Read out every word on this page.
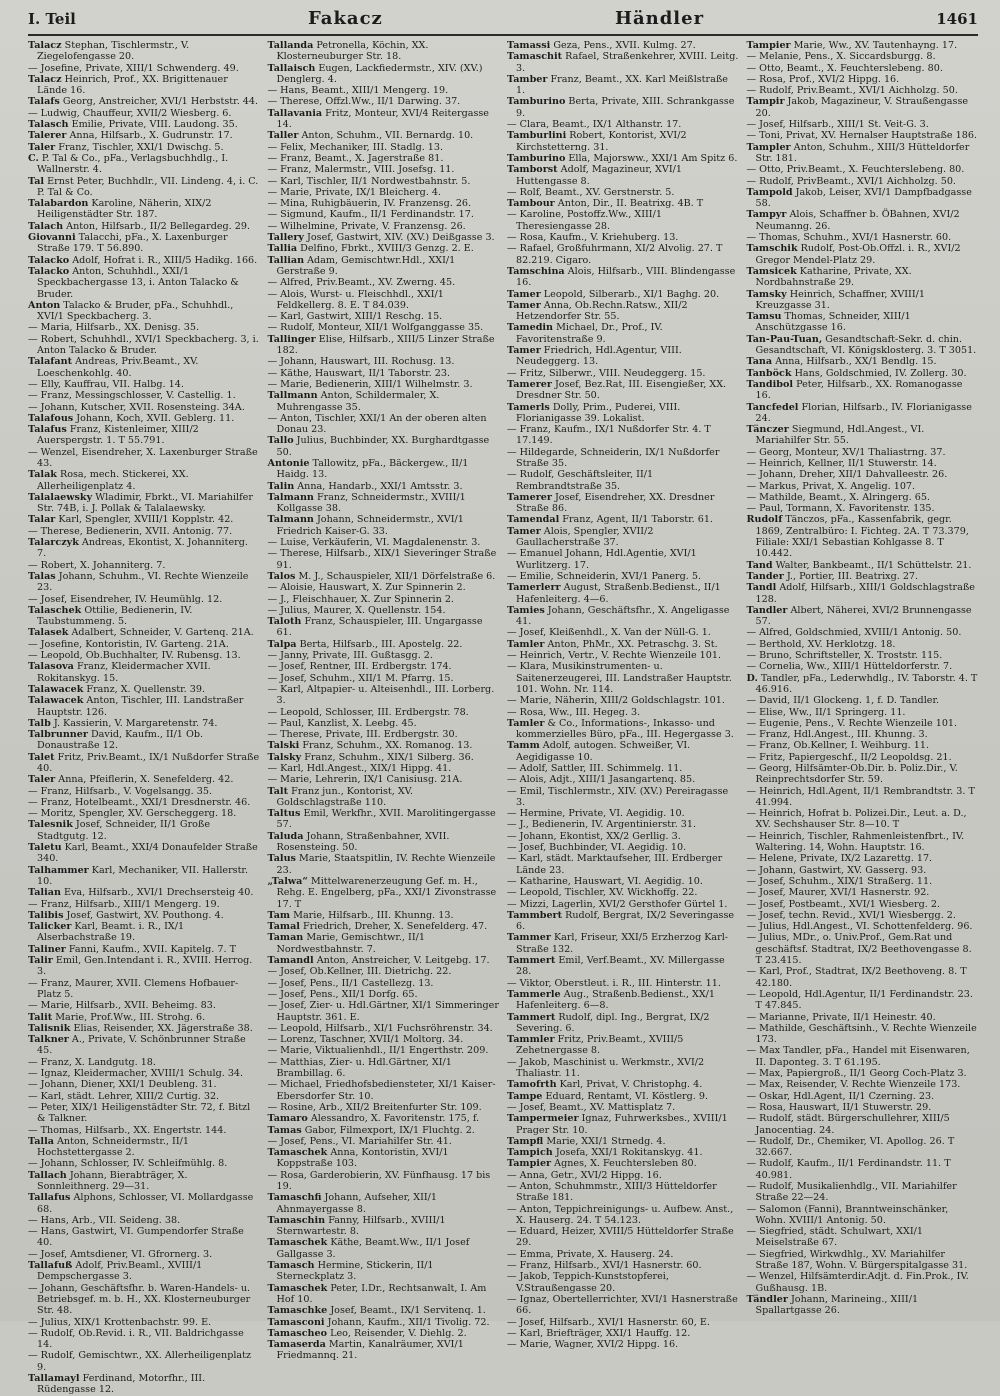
I. Teil	Fakacz	Händler	1461

Talacz Stephan, Tischlermstr., V. Ziegelofengasse 20.

— Josefine, Private, XIII/1 Schwenderg. 49.

Talacz Heinrich, Prof., XX. Brigittenauer Lände 16.

Talafs Georg, Anstreicher, XVI/1 Herbststr. 44.

— Ludwig, Chauffeur, XVII/2 Wiesberg. 6.

Talasch Emilie, Private, VIII. Laudong. 35.

Talerer Anna, Hilfsarb., X. Gudrunstr. 17.

Taler Franz, Tischler, XXI/1 Dwischg. 5.

C. P. Tal & Co., pFa., Verlagsbuchhdlg., I. Wallnerstr. 4.

Tal Ernst Peter, Buchhdlr., VII. Lindeng. 4, i. C. P. Tal & Co.

Talabardon Karoline, Näherin, XIX/2 Heiligenstädter Str. 187.

Talach Anton, Hilfsarb., II/2 Bellegardeg. 29.

Giovanni Talacchi, pFa., X. Laxenburger Straße 179. T 56.890.

Talacko Adolf, Hofrat i. R., XIII/5 Hadikg. 166.

Talacko Anton, Schuhhdl., XXI/1 Speckbachergasse 13, i. Anton Talacko & Bruder.

Anton Talacko & Bruder, pFa., Schuhhdl., XVI/1 Speckbacherg. 3.

— Maria, Hilfsarb., XX. Denisg. 35.

— Robert, Schuhhdl., XVI/1 Speckbacherg. 3, i. Anton Talacko & Bruder.

Talafant Andreas, Priv.Beamt., XV. Loeschenkohlg. 40.

— Elly, Kauffrau, VII. Halbg. 14.

— Franz, Messingschlosser, V. Castellig. 1.

— Johann, Kutscher, XVII. Rosensteing. 34A.

Talafous Johann, Koch, XVII. Geblerg. 11.

Talafus Franz, Kistenleimer, XIII/2 Auerspergstr. 1. T 55.791.

— Wenzel, Eisendreher, X. Laxenburger Straße 43.

Talak Rosa, mech. Stickerei, XX. Allerheiligenplatz 4.

Talalaewsky Wladimir, Fbrkt., VI. Mariahilfer Str. 74B, i. J. Pollak & Talalaewsky.

Talar Karl, Spengler, XVIII/1 Kopplstr. 42.

— Therese, Bedienerin, XVII. Antonig. 77.

Talarczyk Andreas, Ekontist, X. Johanniterg. 7.

— Robert, X. Johanniterg. 7.

Talas Johann, Schuhm., VI. Rechte Wienzeile 23.

— Josef, Eisendreher, IV. Heumühlg. 12.

Talaschek Ottilie, Bedienerin, IV. Taubstummeng. 5.

Talasek Adalbert, Schneider, V. Gartenq. 21A.

— Josefine, Kontoristin, IV. Garteng. 21A.

— Leopold, Ob.Buchhalter, IV. Rubensg. 13.

Talasova Franz, Kleidermacher XVII. Rokitanskyg. 15.

Talawacek Franz, X. Quellenstr. 39.

Talawacek Anton, Tischler, III. Landstraßer Hauptstr. 126.

Talb J. Kassierin, V. Margaretenstr. 74.

Talbrunner David, Kaufm., II/1 Ob. Donaustraße 12.

Talet Fritz, Priv.Beamt., IX/1 Nußdorfer Straße 40.

Taler Anna, Pfeiflerin, X. Senefelderg. 42.

— Franz, Hilfsarb., V. Vogelsangg. 35.

— Franz, Hotelbeamt., XXI/1 Dresdnerstr. 46.

— Moritz, Spengler, XV. Gerscheggerg. 18.

Talesnik Josef, Schneider, II/1 Große Stadtgutg. 12.

Taletu Karl, Beamt., XXI/4 Donaufelder Straße 340.

Talhammer Karl, Mechaniker, VII. Hallerstr. 10.

Talian Eva, Hilfsarb., XVI/1 Drechsersteig 40.

— Franz, Hilfsarb., XIII/1 Mengerg. 19.

Talibis Josef, Gastwirt, XV. Pouthong. 4.

Talicker Karl, Beamt. i. R., IX/1 Alserbachstraße 19.

Taliner Fanni, Kaufm., XVII. Kapitelg. 7. T

Talir Emil, Gen.Intendant i. R., XVIII. Herrog. 3.

— Franz, Maurer, XVII. Clemens Hofbauer-Platz 5.

— Marie, Hilfsarb., XVII. Beheimg. 83.

Talit Marie, Prof.Ww., III. Strohg. 6.

Talisnik Elias, Reisender, XX. Jägerstraße 38.

Talkner A., Private, V. Schönbrunner Straße 45.

— Franz, X. Landgutg. 18.

— Ignaz, Kleidermacher, XVIII/1 Schulg. 34.

— Johann, Diener, XXI/1 Deubleng. 31.

— Karl, städt. Lehrer, XIII/2 Curtig. 32.

— Peter, XIX/1 Heiligenstädter Str. 72, f. Bitzl & Talkner.

— Thomas, Hilfsarb., XX. Engertstr. 144.

Talla Anton, Schneidermstr., II/1 Hochstettergasse 2.

— Johann, Schlosser, IV. Schleifmühlg. 8.

Tallach Johann, Bierabträger, X. Sonnleithnerg. 29—31.

Tallafus Alphons, Schlosser, VI. Mollardgasse 68.

— Hans, Arb., VII. Seideng. 38.

— Hans, Gastwirt, VI. Gumpendorfer Straße 40.

— Josef, Amtsdiener, VI. Gfrornerg. 3.

Tallafuß Adolf, Priv.Beaml., XVIII/1 Dempschergasse 3.

— Johann, Geschäftsfhr. b. Waren-Handels- u. Betriebsgef. m. b. H., XX. Klosterneuburger Str. 48.

— Julius, XIX/1 Krottenbachstr. 99. E.

— Rudolf, Ob.Revid. i. R., VII. Baldrichgasse 14.

— Rudolf, Gemischtwr., XX. Allerheiligenplatz 9.

Tallamayl Ferdinand, Motorfhr., III. Rüdengasse 12.

Tallanda Petronella, Köchin, XX. Klosterneuburger Str. 18.

Tallaisch Eugen, Lackfiedermstr., XIV. (XV.) Denglerg. 4.

— Hans, Beamt., XIII/1 Mengerg. 19.

— Therese, Offzl.Ww., II/1 Darwing. 37.

Tallavania Fritz, Monteur, XVI/4 Reitergasse 14.

Taller Anton, Schuhm., VII. Bernardg. 10.

— Felix, Mechaniker, III. Stadlg. 13.

— Franz, Beamt., X. Jagerstraße 81.

— Franz, Malermstr., VIII. Josefsg. 11.

— Karl, Tischler, II/1 Nordwestbahnstr. 5.

— Marie, Private, IX/1 Bleicherg. 4.

— Mina, Ruhigbäuerin, IV. Franzensg. 26.

— Sigmund, Kaufm., II/1 Ferdinandstr. 17.

— Wilhelmine, Private, V. Franzensg. 26.

Tallery Josef, Gastwirt, XIV. (XV.) Deißgasse 3.

Tallia Delfino, Fbrkt., XVIII/3 Genzg. 2. E.

Tallian Adam, Gemischtwr.Hdl., XXI/1 Gerstraße 9.

— Alfred, Priv.Beamt., XV. Zwerng. 45.

— Alois, Wurst- u. Fleischhdl., XXI/1 Feldkellerg. 8. E. T 84.039.

— Karl, Gastwirt, XIII/1 Reschg. 15.

— Rudolf, Monteur, XII/1 Wolfganggasse 35.

Tallinger Elise, Hilfsarb., XIII/5 Linzer Straße 182.

— Johann, Hauswart, III. Rochusg. 13.

— Käthe, Hauswart, II/1 Taborstr. 23.

— Marie, Bedienerin, XIII/1 Wilhelmstr. 3.

Tallmann Anton, Schildermaler, X. Muhrengasse 35.

— Anton, Tischler, XXI/1 An der oberen alten Donau 23.

Tallo Julius, Buchbinder, XX. Burghardtgasse 50.

Antonie Tallowitz, pFa., Bäckergew., II/1 Haidg. 13.

Talin Anna, Handarb., XXI/1 Amtsstr. 3.

Talmann Franz, Schneidermstr., XVIII/1 Kollgasse 38.

Talmann Johann, Schneidermstr., XVI/1 Friedrich Kaiser-G. 33.

— Luise, Verkäuferin, VI. Magdalenenstr. 3.

— Therese, Hilfsarb., XIX/1 Sieveringer Straße 91.

Talos M. J., Schauspieler, XII/1 Dörfelstraße 6.

— Aloisie, Hauswart, X. Zur Spinnerin 2.

— J., Fleischhauer, X. Zur Spinnerin 2.

— Julius, Maurer, X. Quellenstr. 154.

Taloth Franz, Schauspieler, III. Ungargasse 61.

Talpa Berta, Hilfsarb., III. Apostelg. 22.

— Janny, Private, III. Gußtasgg. 2.

— Josef, Rentner, III. Erdbergstr. 174.

— Josef, Schuhm., XII/1 M. Pfarrg. 15.

— Karl, Altpapier- u. Alteisenhdl., III. Lorberg. 3.

— Leopold, Schlosser, III. Erdbergstr. 78.

— Paul, Kanzlist, X. Leebg. 45.

— Therese, Private, III. Erdbergstr. 30.

Talski Franz, Schuhm., XX. Romanog. 13.

Talsky Franz, Schuhm., XIX/1 Silberg. 36.

— Karl, Hdl.Angest., XIX/1 Hippg. 41.

— Marie, Lehrerin, IX/1 Canisiusg. 21A.

Talt Franz jun., Kontorist, XV. Goldschlagstraße 110.

Taltus Emil, Werkfhr., XVII. Marolitingergasse 57.

Taluda Johann, Straßenbahner, XVII. Rosensteing. 50.

Talus Marie, Staatspitlin, IV. Rechte Wienzeile 23.

„Talwa“ Mittelwarenerzeugung Gef. m. H., Rehg. E. Engelberg, pFa., XXI/1 Zivonstrasse 17. T

Tam Marie, Hilfsarb., III. Khunng. 13.

Tamal Friedrich, Dreher, X. Senefelderg. 47.

Taman Marie, Gemischtwr., II/1 Nordwestbahnstr. 7.

Tamandl Anton, Anstreicher, V. Leitgebg. 17.

— Josef, Ob.Kellner, III. Dietrichg. 22.

— Josef, Pens., II/1 Castellezg. 13.

— Josef, Pens., XII/1 Dorfg. 65.

— Josef, Zier- u. Hdl.Gärtner, XI/1 Simmeringer Hauptstr. 361. E.

— Leopold, Hilfsarb., XI/1 Fuchsröhrenstr. 34.

— Lorenz, Taschner, XVII/1 Moltorg. 34.

— Marie, Viktualienhdl., II/1 Engerthstr. 209.

— Matthias, Zier- u. Hdl.Gärtner, XI/1 Brambillag. 6.

— Michael, Friedhofsbediensteter, XI/1 Kaiser-Ebersdorfer Str. 10.

— Rosine, Arb., XII/2 Breitenfurter Str. 109.

Tamaro Alessandro, X. Favoritenstr. 175, f.

Tamas Gabor, Filmexport, IX/1 Fluchtg. 2.

— Josef, Pens., VI. Mariahilfer Str. 41.

Tamaschek Anna, Kontoristin, XVI/1 Koppstraße 103.

— Rosa, Garderobierin, XV. Fünfhausg. 17 bis 19.

Tamaschfi Johann, Aufseher, XII/1 Ahnmayergasse 8.

Tamaschin Fanny, Hilfsarb., XVIII/1 Sternwartestr. 8.

Tamaschek Käthe, Beamt.Ww., II/1 Josef Gallgasse 3.

Tamasch Hermine, Stickerin, II/1 Sterneckplatz 3.

Tamaschek Peter, I.Dr., Rechtsanwalt, I. Am Hof 10.

Tamaschke Josef, Beamt., IX/1 Servitenq. 1.

Tamasconi Johann, Kaufm., XII/1 Tivolig. 72.

Tamascheo Leo, Reisender, V. Diehlg. 2.

Tamaserda Martin, Kanalräumer, XVI/1 Friedmannq. 21.

Tamassi Geza, Pens., XVII. Kulmg. 27.

Tamaschit Rafael, Straßenkehrer, XVIII. Leitg. 3.

Tamber Franz, Beamt., XX. Karl Meißlstraße 1.

Tamburino Berta, Private, XIII. Schrankgasse 9.

— Clara, Beamt., IX/1 Althanstr. 17.

Tamburlini Robert, Kontorist, XVI/2 Kirchstetterng. 31.

Tamburino Ella, Majorsww., XXI/1 Am Spitz 6.

Tamborst Adolf, Magazineur, XVI/1 Huttengasse 8.

— Rolf, Beamt., XV. Gerstnerstr. 5.

Tambour Anton, Dir., II. Beatrixg. 4B. T

— Karoline, Postoffz.Ww., XIII/1 Theresiengasse 28.

— Rosa, Kaufm., V. Kriehuberg. 13.

— Rafael, Großfuhrmann, XI/2 Alvolig. 27. T 82.219. Cigaro.

Tamschina Alois, Hilfsarb., VIII. Blindengasse 16.

Tamer Leopold, Silberarb., XI/1 Baghg. 20.

Tamer Anna, Ob.Rechn.Ratsw., XII/2 Hetzendorfer Str. 55.

Tamedin Michael, Dr., Prof., IV. Favoritenstraße 9.

Tamer Friedrich, Hdl.Agentur, VIII. Neudeggerg. 13.

— Fritz, Silberwr., VIII. Neudeggerg. 15.

Tamerer Josef, Bez.Rat, III. Eisengießer, XX. Dresdner Str. 50.

Tamerls Dolly, Prim., Puderei, VIII. Florianigasse 39. Lokalist.

— Franz, Kaufm., IX/1 Nußdorfer Str. 4. T 17.149.

— Hildegarde, Schneiderin, IX/1 Nußdorfer Straße 35.

— Rudolf, Geschäftsleiter, II/1 Rembrandtstraße 35.

Tamerer Josef, Eisendreher, XX. Dresdner Straße 86.

Tamendal Franz, Agent, II/1 Taborstr. 61.

Tamer Alois, Spengler, XVII/2 Gaullacherstraße 37.

— Emanuel Johann, Hdl.Agentie, XVI/1 Wurlitzerg. 17.

— Emilie, Schneiderin, XVI/1 Panerg. 5.

Tamerlerr August, Straßenb.Bedienst., II/1 Hafenleiterg. 4—6.

Tamies Johann, Geschäftsfhr., X. Angeligasse 41.

— Josef, Kleißenhdl., X. Van der Nüll-G. 1.

Tamler Anton, PhMr., XX. Petraschg. 3. St.

— Heinrich, Vertr., V. Rechte Wienzeile 101.

— Klara, Musikinstrumenten- u. Saitenerzeugerei, III. Landstraßer Hauptstr. 101. Wohn. Nr. 114.

— Marie, Näherin, XIII/2 Goldschlagstr. 101.

— Rosa, Ww., III. Hegeg. 3.

Tamler & Co., Informations-, Inkasso- und kommerzielles Büro, pFa., III. Hegergasse 3.

Tamm Adolf, autogen. Schweißer, VI. Aegidigasse 10.

— Adolf, Sattler, III. Schimmelg. 11.

— Alois, Adjt., XIII/1 Jasangartenq. 85.

— Emil, Tischlermstr., XIV. (XV.) Pereiragasse 3.

— Hermine, Private, VI. Aegidig. 10.

— J., Bedienerin, IV. Argentinierstr. 31.

— Johann, Ekontist, XX/2 Gerllig. 3.

— Josef, Buchbinder, VI. Aegidig. 10.

— Karl, städt. Marktaufseher, III. Erdberger Lände 23.

— Katharine, Hauswart, VI. Aegidig. 10.

— Leopold, Tischler, XV. Wickhoffg. 22.

— Mizzi, Lagerlin, XVI/2 Gersthofer Gürtel 1.

Tammbert Rudolf, Bergrat, IX/2 Severingasse 6.

Tammer Karl, Friseur, XXI/5 Erzherzog Karl-Straße 132.

Tammert Emil, Verf.Beamt., XV. Millergasse 28.

— Viktor, Oberstleut. i. R., III. Hinterstr. 11.

Tammerle Aug., Straßenb.Bedienst., XX/1 Hafenleiterg. 6—8.

Tammert Rudolf, dipl. Ing., Bergrat, IX/2 Severing. 6.

Tammler Fritz, Priv.Beamt., XVIII/5 Zehetnergasse 8.

— Jakob, Maschinist u. Werkmstr., XVI/2 Thaliastr. 11.

Tamofrth Karl, Privat, V. Christophg. 4.

Tampe Eduard, Rentamt, VI. Köstlerg. 9.

— Josef, Beamt., XV. Mattisplatz 7.

Tampermeier Ignaz, Fuhrwerksbes., XVIII/1 Prager Str. 10.

Tampfl Marie, XXI/1 Strnedg. 4.

Tampich Josefa, XXI/1 Rokitanskyg. 41.

Tampier Agnes, X. Feuchtersleben 80.

— Anna, Getr., XVI/2 Hippg. 16.

— Anton, Schuhmmstr., XIII/3 Hütteldorfer Straße 181.

— Anton, Teppichreinigungs- u. Aufbew. Anst., X. Hauserg. 24. T 54.123.

— Eduard, Heizer, XVIII/5 Hütteldorfer Straße 29.

— Emma, Private, X. Hauserg. 24.

— Franz, Hilfsarb., XVI/1 Hasnerstr. 60.

— Jakob, Teppich-Kunststopferei, V.Straußengasse 20.

— Ignaz, Obertellerrichter, XVI/1 Hasnerstraße 66.

— Josef, Hilfsarb., XVI/1 Hasnerstr. 60, E.

— Karl, Briefträger, XXI/1 Hauffg. 12.

— Marie, Wagner, XVI/2 Hippg. 16.

Tampier Marie, Ww., XV. Tautenhayng. 17.

— Melanie, Pens., X. Siccardsburgg. 8.

— Otto, Beamt., X. Feuchterslebeng. 80.

— Rosa, Prof., XVI/2 Hippg. 16.

— Rudolf, Priv.Beamt., XVI/1 Aichholzg. 50.

Tampir Jakob, Magazineur, V. Straußengasse 20.

— Josef, Hilfsarb., XIII/1 St. Veit-G. 3.

— Toni, Privat, XV. Hernalser Hauptstraße 186.

Tampler Anton, Schuhm., XIII/3 Hütteldorfer Str. 181.

— Otto, Priv.Beamt., X. Feuchterslebeng. 80.

— Rudolf, PrivBeamt., XVI/1 Aichholzg. 50.

Tampold Jakob, Leiser, XVI/1 Dampfbadgasse 58.

Tampyr Alois, Schaffner b. ÖBahnen, XVI/2 Neumanng. 26.

— Thomas, Schuhm., XVI/1 Hasnerstr. 60.

Tamschik Rudolf, Post-Ob.Offzl. i. R., XVI/2 Gregor Mendel-Platz 29.

Tamsicek Katharine, Private, XX. Nordbahnstraße 29.

Tamsky Heinrich, Schaffner, XVIII/1 Kreuzgasse 31.

Tamsu Thomas, Schneider, XIII/1 Anschützgasse 16.

Tan-Pau-Tuan, Gesandtschaft-Sekr. d. chin. Gesandtschaft, VI. Königsklosterg. 3. T 3051.

Tana Anna, Hilfsarb., XX/1 Bendlg. 15.

Tanböck Hans, Goldschmied, IV. Zollerg. 30.

Tandibol Peter, Hilfsarb., XX. Romanogasse 16.

Tancfedel Florian, Hilfsarb., IV. Florianigasse 24.

Tänczer Siegmund, Hdl.Angest., VI. Mariahilfer Str. 55.

— Georg, Monteur, XV/1 Thaliastrng. 37.

— Heinrich, Kellner, II/1 Stuwerstr. 14.

— Johann, Dreher, XII/1 Dahvalleestr. 26.

— Markus, Privat, X. Angelig. 107.

— Mathilde, Beamt., X. Alringerg. 65.

— Paul, Tormann, X. Favoritenstr. 135.

Rudolf Tänczos, pFa., Kassenfabrik, gegr. 1869, Zentralbüro: I. Fichteg. 2A. T 73.379, Filiale: XXI/1 Sebastian Kohlgasse 8. T 10.442.

Tand Walter, Bankbeamt., II/1 Schüttelstr. 21.

Tander J., Portier, III. Beatrixg. 27.

Tandl Adolf, Hilfsarb., XIII/1 Goldschlagstraße 128.

Tandler Albert, Näherei, XVI/2 Brunnengasse 57.

— Alfred, Goldschmied, XVIII/1 Antonig. 50.

— Berthold, XV. Herklotzg. 18.

— Bruno, Schriftsteller, X. Troststr. 115.

— Cornelia, Ww., XIII/1 Hütteldorferstr. 7.

D. Tandler, pFa., Lederwhdlg., IV. Taborstr. 4. T 46.916.

— David, II/1 Glockeng. 1, f. D. Tandler.

— Elise, Ww., II/1 Springerg. 11.

— Eugenie, Pens., V. Rechte Wienzeile 101.

— Franz, Hdl.Angest., III. Khunng. 3.

— Franz, Ob.Kellner, I. Weihburg. 11.

— Fritz, Papiergeschf., II/2 Leopoldsg. 21.

— Georg, Hilfsämter-Ob.Dir. b. Poliz.Dir., V. Reinprechtsdorfer Str. 59.

— Heinrich, Hdl.Agent, II/1 Rembrandtstr. 3. T 41.994.

— Heinrich, Hofrat b. Polizei.Dir., Leut. a. D., XV. Sechshauser Str. 8—10. T

— Heinrich, Tischler, Rahmenleistenfbrt., IV. Waltering. 14, Wohn. Hauptstr. 16.

— Helene, Private, IX/2 Lazarettg. 17.

— Johann, Gastwirt, XV. Gasserg. 93.

— Josef, Schuhm., XIX/1 Straßerg. 11.

— Josef, Maurer, XVI/1 Hasnerstr. 92.

— Josef, Postbeamt., XVI/1 Wiesberg. 2.

— Josef, techn. Revid., XVI/1 Wiesbergg. 2.

— Julius, Hdl.Angest., VI. Schottenfelderg. 96.

— Julius, MDr., o. Univ.Prof., Gem.Rat und geschäftsf. Stadtrat, IX/2 Beethovengasse 8. T 23.415.

— Karl, Prof., Stadtrat, IX/2 Beethoveng. 8. T 42.180.

— Leopold, Hdl.Agentur, II/1 Ferdinandstr. 23. T 47.845.

— Marianne, Private, II/1 Heinestr. 40.

— Mathilde, Geschäftsinh., V. Rechte Wienzeile 173.

— Max Tandler, pFa., Handel mit Eisenwaren, II. Daponteg. 3. T 61.195.

— Max, Papiergroß., II/1 Georg Coch-Platz 3.

— Max, Reisender, V. Rechte Wienzeile 173.

— Oskar, Hdl.Agent, II/1 Czerning. 23.

— Rosa, Hauswart, II/1 Stuwerstr. 29.

— Rudolf, städt. Bürgerschullehrer, XIII/5 Janocentiag. 24.

— Rudolf, Dr., Chemiker, VI. Apollog. 26. T 32.667.

— Rudolf, Kaufm., II/1 Ferdinandstr. 11. T 40.981.

— Rudolf, Musikalienhdlg., VII. Mariahilfer Straße 22—24.

— Salomon (Fanni), Branntweinschänker, Wohn. XVIII/1 Antonig. 50.

— Siegfried, städt. Schulwart, XXI/1 Meiselstraße 67.

— Siegfried, Wirkwdhlg., XV. Mariahilfer Straße 187, Wohn. V. Bürgerspitalgasse 31.

— Wenzel, Hilfsämterdir.Adjt. d. Fin.Prok., IV. Gußhausg. 1B.

Tändler Johann, Marineing., XIII/1 Spallartgasse 26.
